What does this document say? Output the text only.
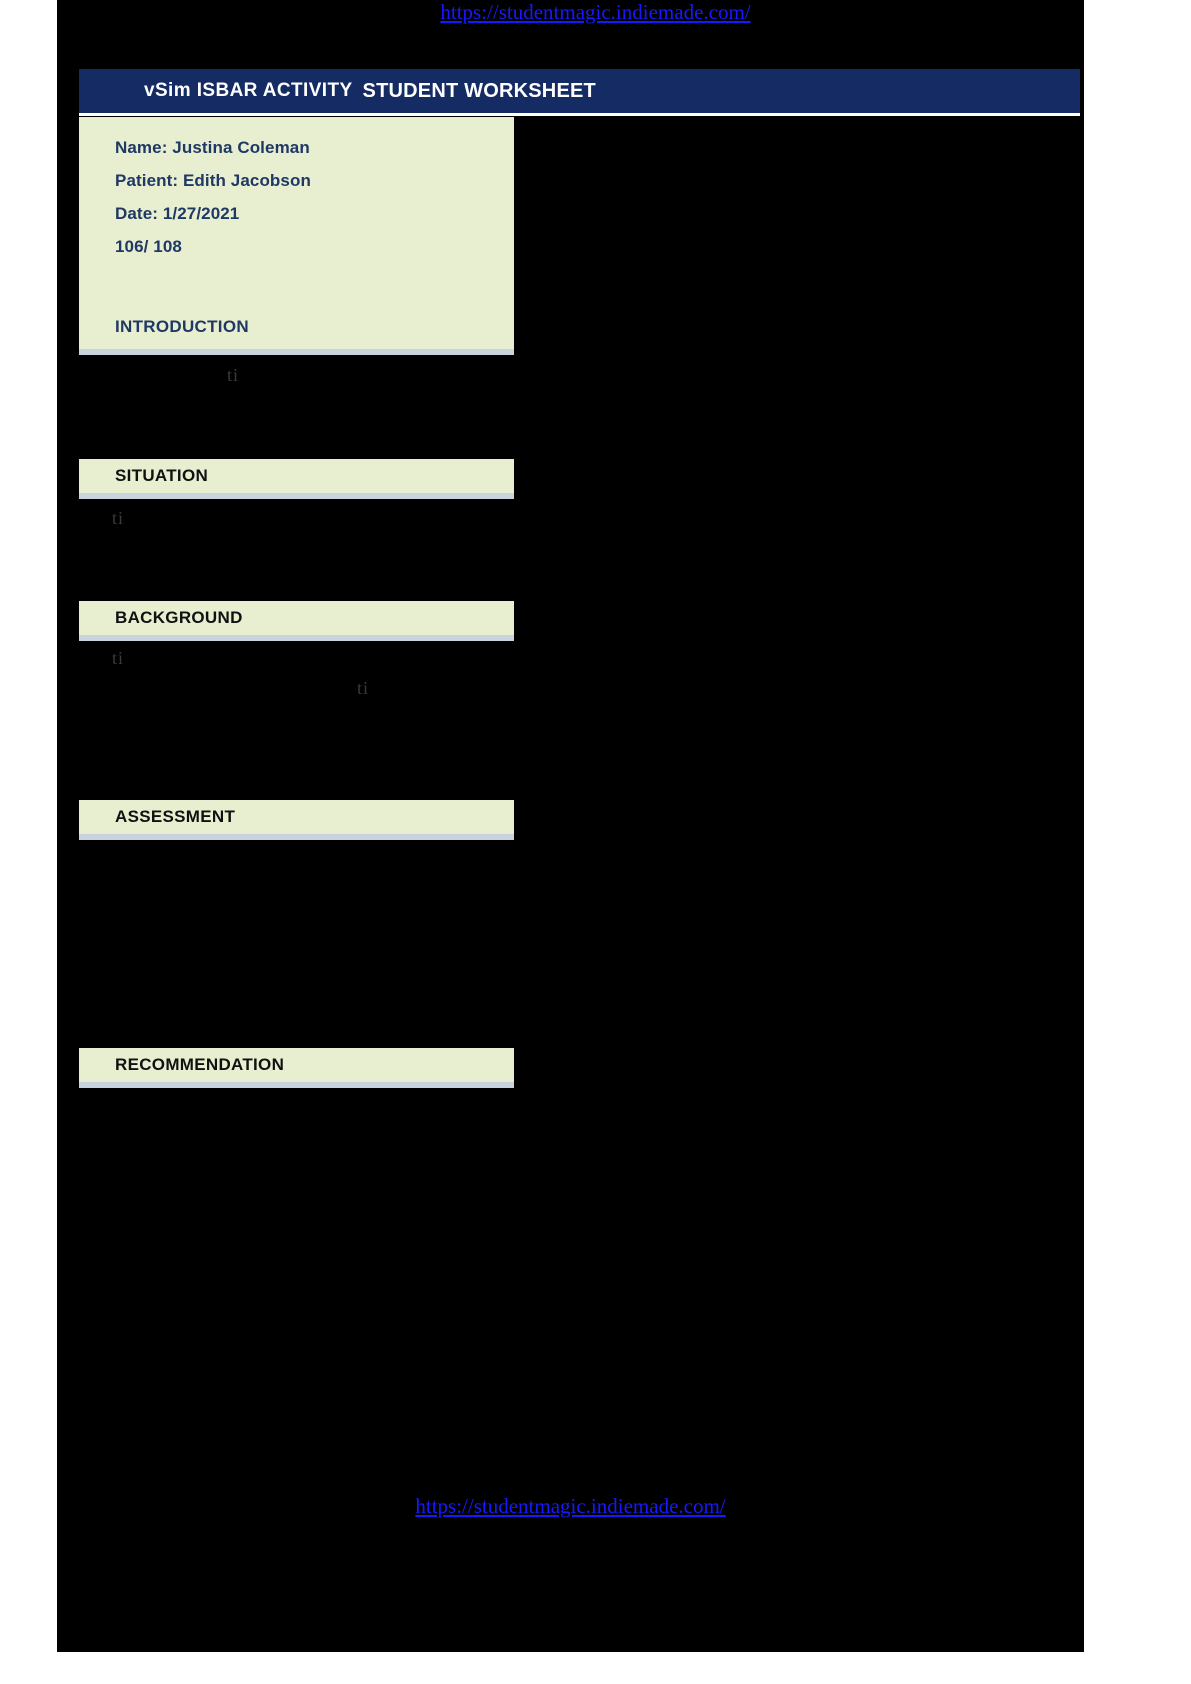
https://studentmagic.indiemade.com/
vSim ISBAR ACTIVITY STUDENT WORKSHEET
Name: Justina Coleman
Patient: Edith Jacobson
Date: 1/27/2021
106/ 108
INTRODUCTION
ti
SITUATION
ti
BACKGROUND
ti
ti
ASSESSMENT
RECOMMENDATION
https://studentmagic.indiemade.com/
